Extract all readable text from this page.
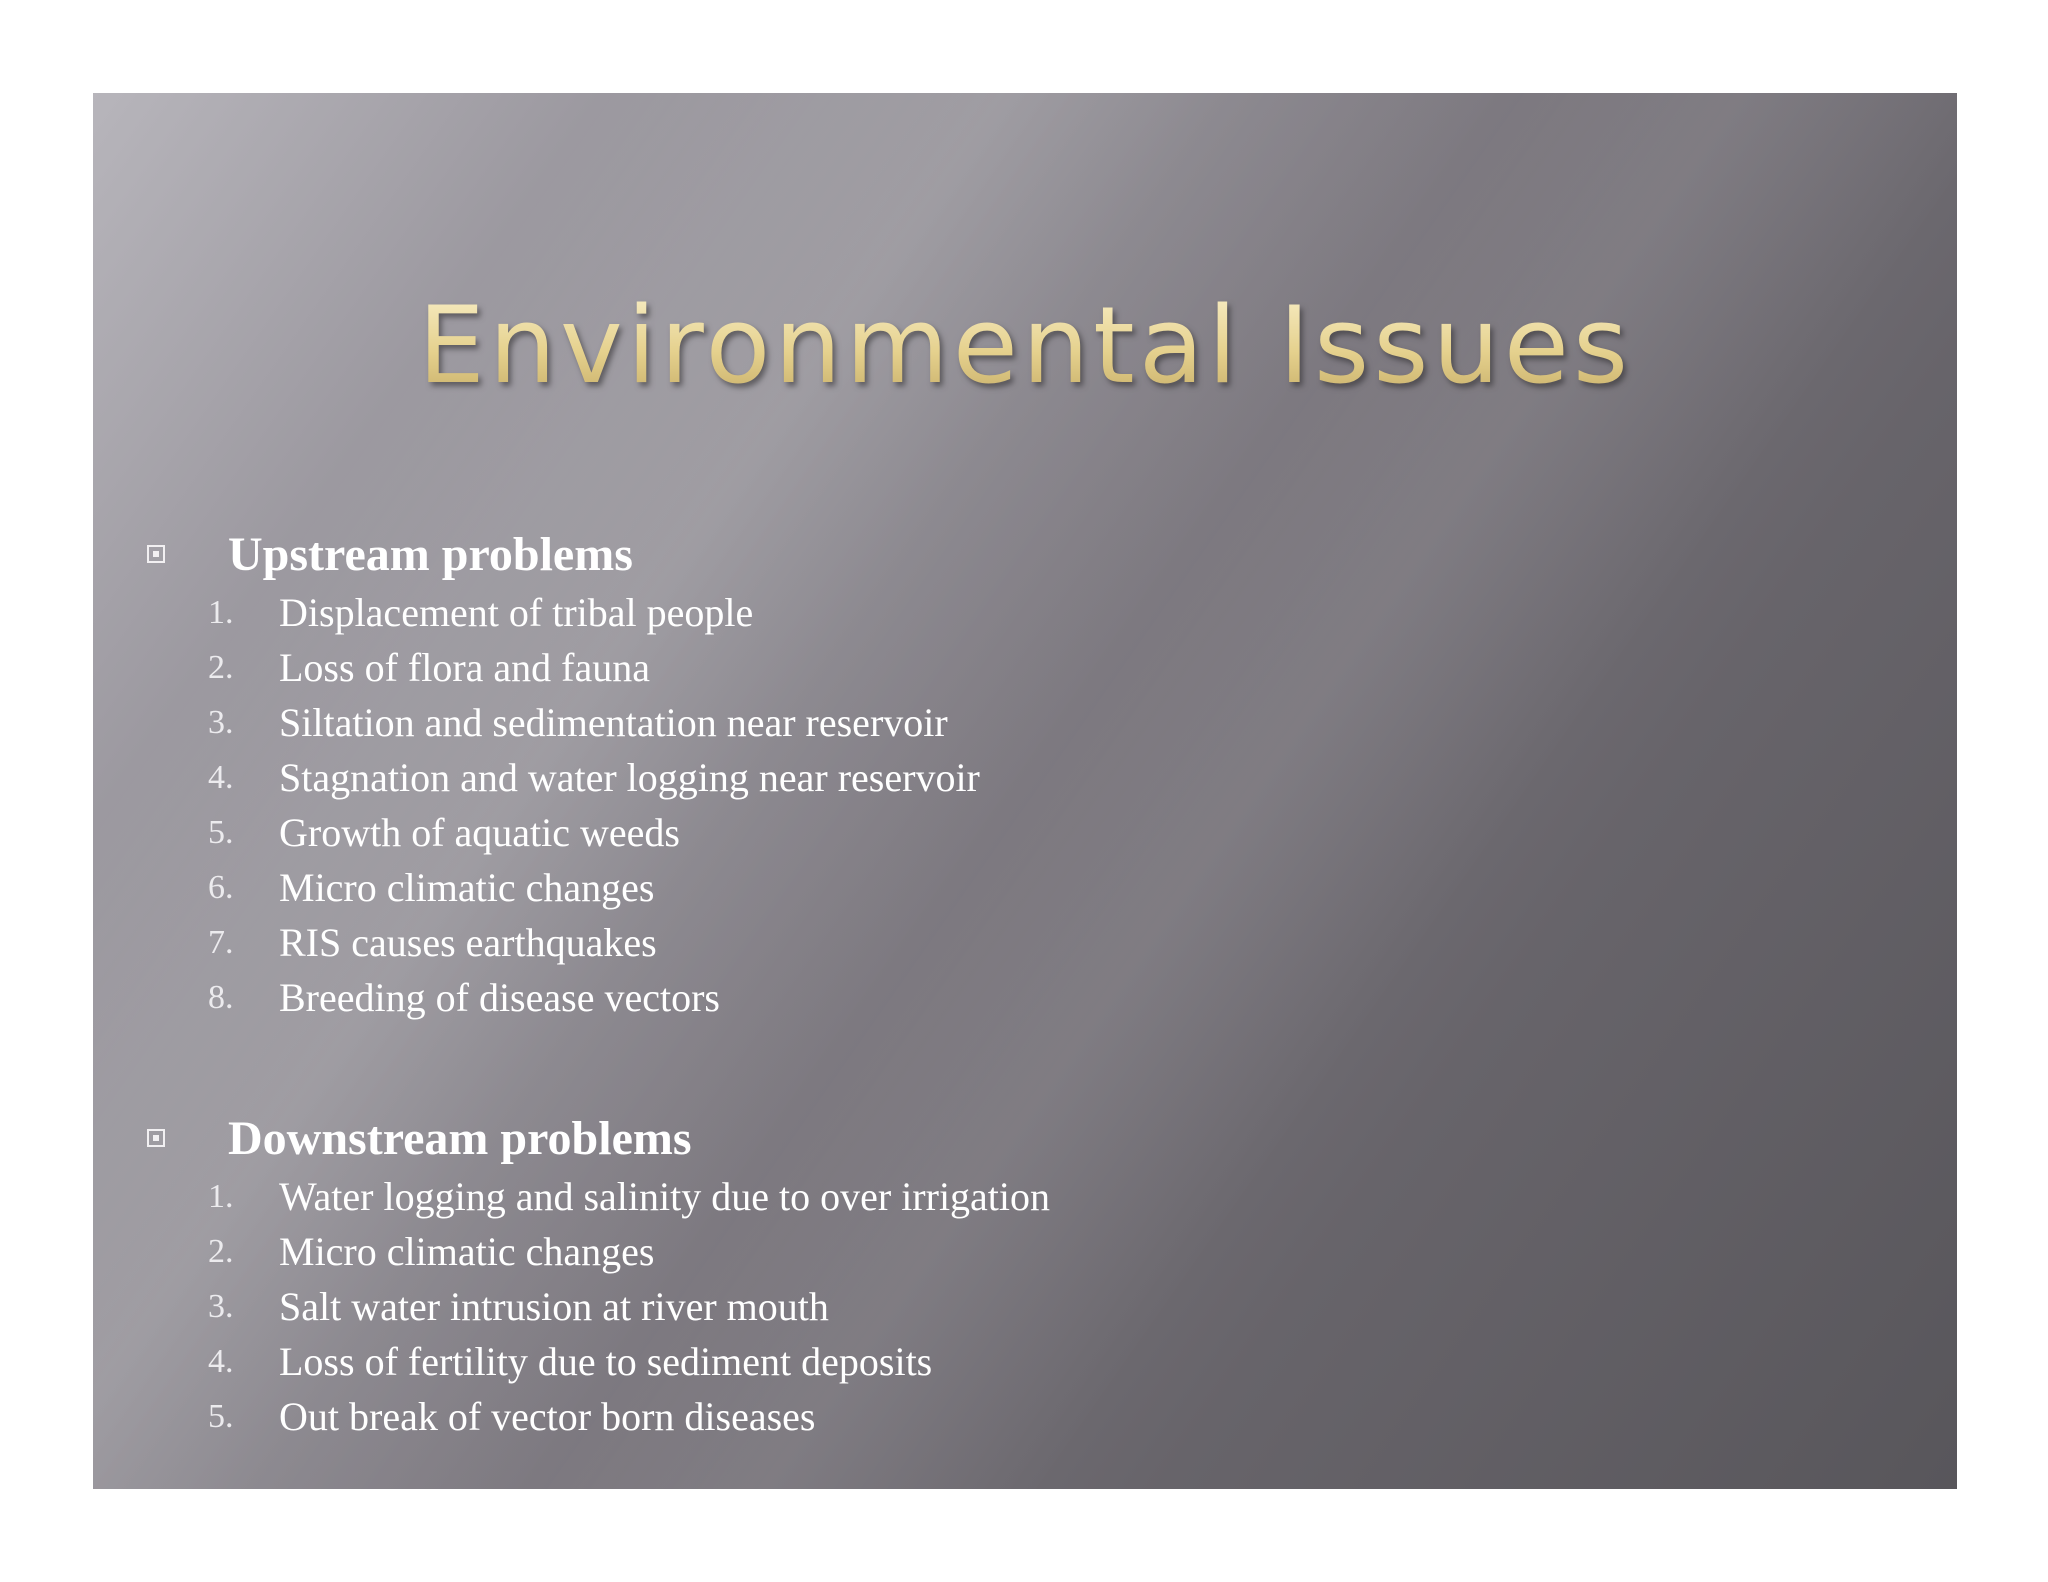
Environmental Issues
Upstream problems
1.	Displacement of tribal people
2.	Loss of flora and fauna
3.	Siltation and sedimentation near reservoir
4.	Stagnation and water logging near reservoir
5.	Growth of aquatic weeds
6.	Micro climatic changes
7.	RIS causes earthquakes
8.	Breeding of disease vectors
Downstream problems
1.	Water logging and salinity due to over irrigation
2.	Micro climatic changes
3.	Salt water intrusion at river mouth
4.	Loss of fertility due to sediment deposits
5.	Out break of vector born diseases
